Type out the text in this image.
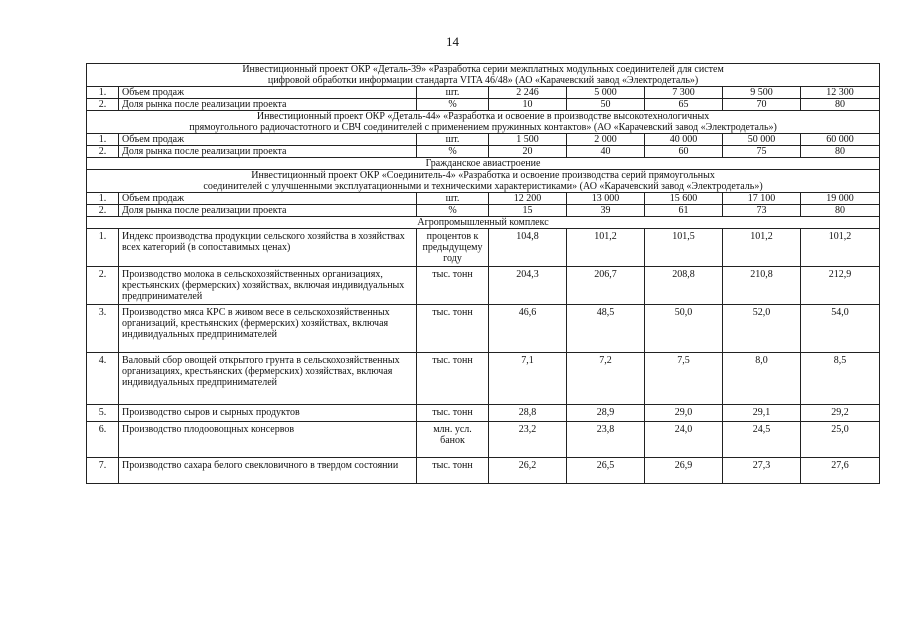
14
Инвестиционный проект ОКР «Деталь-39» «Разработка серии межплатных модульных соединителей для систем
цифровой обработки информации стандарта VITA 46/48» (АО «Карачевский завод «Электродеталь»)							

1.	Объем продаж	шт.	2 246	5 000	7 300	9 500	12 300
2.	Доля рынка после реализации проекта	%	10	50	65	70	80

Инвестиционный проект ОКР «Деталь-44» «Разработка и освоение в производстве высокотехнологичных
прямоугольного радиочастотного и СВЧ соединителей с применением пружинных контактов» (АО «Карачевский завод «Электродеталь»)							

1.	Объем продаж	шт.	1 500	2 000	40 000	50 000	60 000
2.	Доля рынка после реализации проекта	%	20	40	60	75	80
Гражданское авиастроение							

Инвестиционный проект ОКР «Соединитель-4» «Разработка и освоение производства серий прямоугольных
соединителей с улучшенными эксплуатационными и техническими характеристиками» (АО «Карачевский завод «Электродеталь»)							

1.	Объем продаж	шт.	12 200	13 000	15 600	17 100	19 000
2.	Доля рынка после реализации проекта	%	15	39	61	73	80
Агропромышленный комплекс							
1.	Индекс производства продукции сельского хозяйства в хозяйствах всех категорий (в сопоставимых ценах)	процентов к предыдущему году	104,8	101,2	101,5	101,2	101,2
2.	Производство молока в сельскохозяйственных организациях, крестьянских (фермерских) хозяйствах, включая индивидуальных предпринимателей	тыс. тонн	204,3	206,7	208,8	210,8	212,9
3.	Производство мяса КРС в живом весе в сельскохозяйственных организаций, крестьянских (фермерских) хозяйствах, включая индивидуальных предпринимателей	тыс. тонн	46,6	48,5	50,0	52,0	54,0
4.	Валовый сбор овощей открытого грунта в сельскохозяйственных организациях, крестьянских (фермерских) хозяйствах, включая индивидуальных предпринимателей	тыс. тонн	7,1	7,2	7,5	8,0	8,5
5.	Производство сыров и сырных продуктов	тыс. тонн	28,8	28,9	29,0	29,1	29,2
6.	Производство плодоовощных консервов	млн. усл. банок	23,2	23,8	24,0	24,5	25,0
7.	Производство сахара белого свекловичного в твердом состоянии	тыс. тонн	26,2	26,5	26,9	27,3	27,6
